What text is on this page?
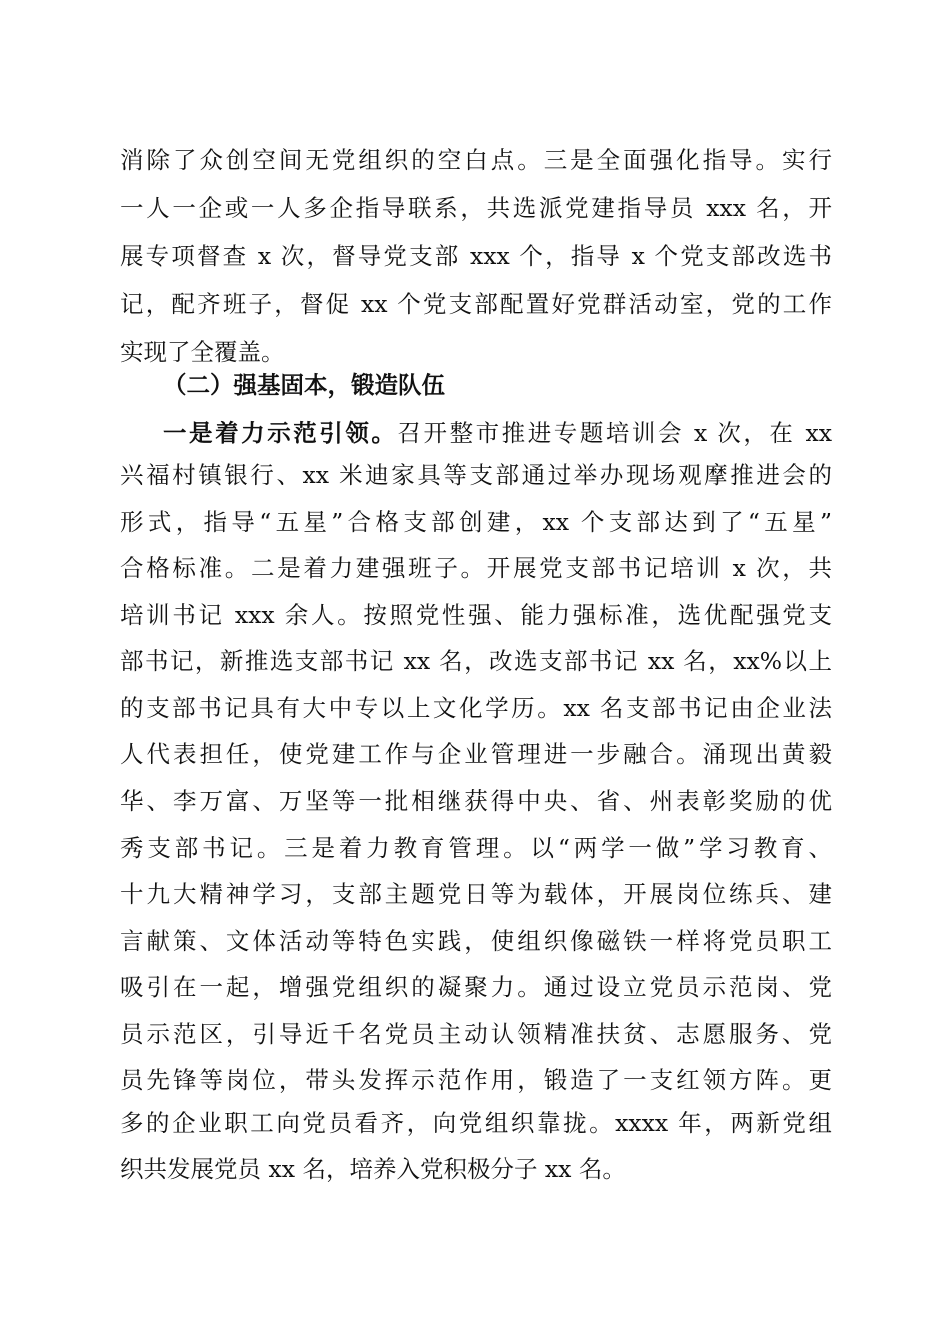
消除了众创空间无党组织的空白点。三是全面强化指导。实行
一人一企或一人多企指导联系，共选派党建指导员 xxx 名，开
展专项督查 x 次，督导党支部 xxx 个，指导 x 个党支部改选书
记，配齐班子，督促 xx 个党支部配置好党群活动室，党的工作
实现了全覆盖。
（二）强基固本，锻造队伍
一是着力示范引领。召开整市推进专题培训会 x 次，在 xx
兴福村镇银行、xx 米迪家具等支部通过举办现场观摩推进会的
形式，指导“五星”合格支部创建，xx 个支部达到了“五星”
合格标准。二是着力建强班子。开展党支部书记培训 x 次，共
培训书记 xxx 余人。按照党性强、能力强标准，选优配强党支
部书记，新推选支部书记 xx 名，改选支部书记 xx 名，xx%以上
的支部书记具有大中专以上文化学历。xx 名支部书记由企业法
人代表担任，使党建工作与企业管理进一步融合。涌现出黄毅
华、李万富、万坚等一批相继获得中央、省、州表彰奖励的优
秀支部书记。三是着力教育管理。以“两学一做”学习教育、
十九大精神学习，支部主题党日等为载体，开展岗位练兵、建
言献策、文体活动等特色实践，使组织像磁铁一样将党员职工
吸引在一起，增强党组织的凝聚力。通过设立党员示范岗、党
员示范区，引导近千名党员主动认领精准扶贫、志愿服务、党
员先锋等岗位，带头发挥示范作用，锻造了一支红领方阵。更
多的企业职工向党员看齐，向党组织靠拢。xxxx 年，两新党组
织共发展党员 xx 名，培养入党积极分子 xx 名。
